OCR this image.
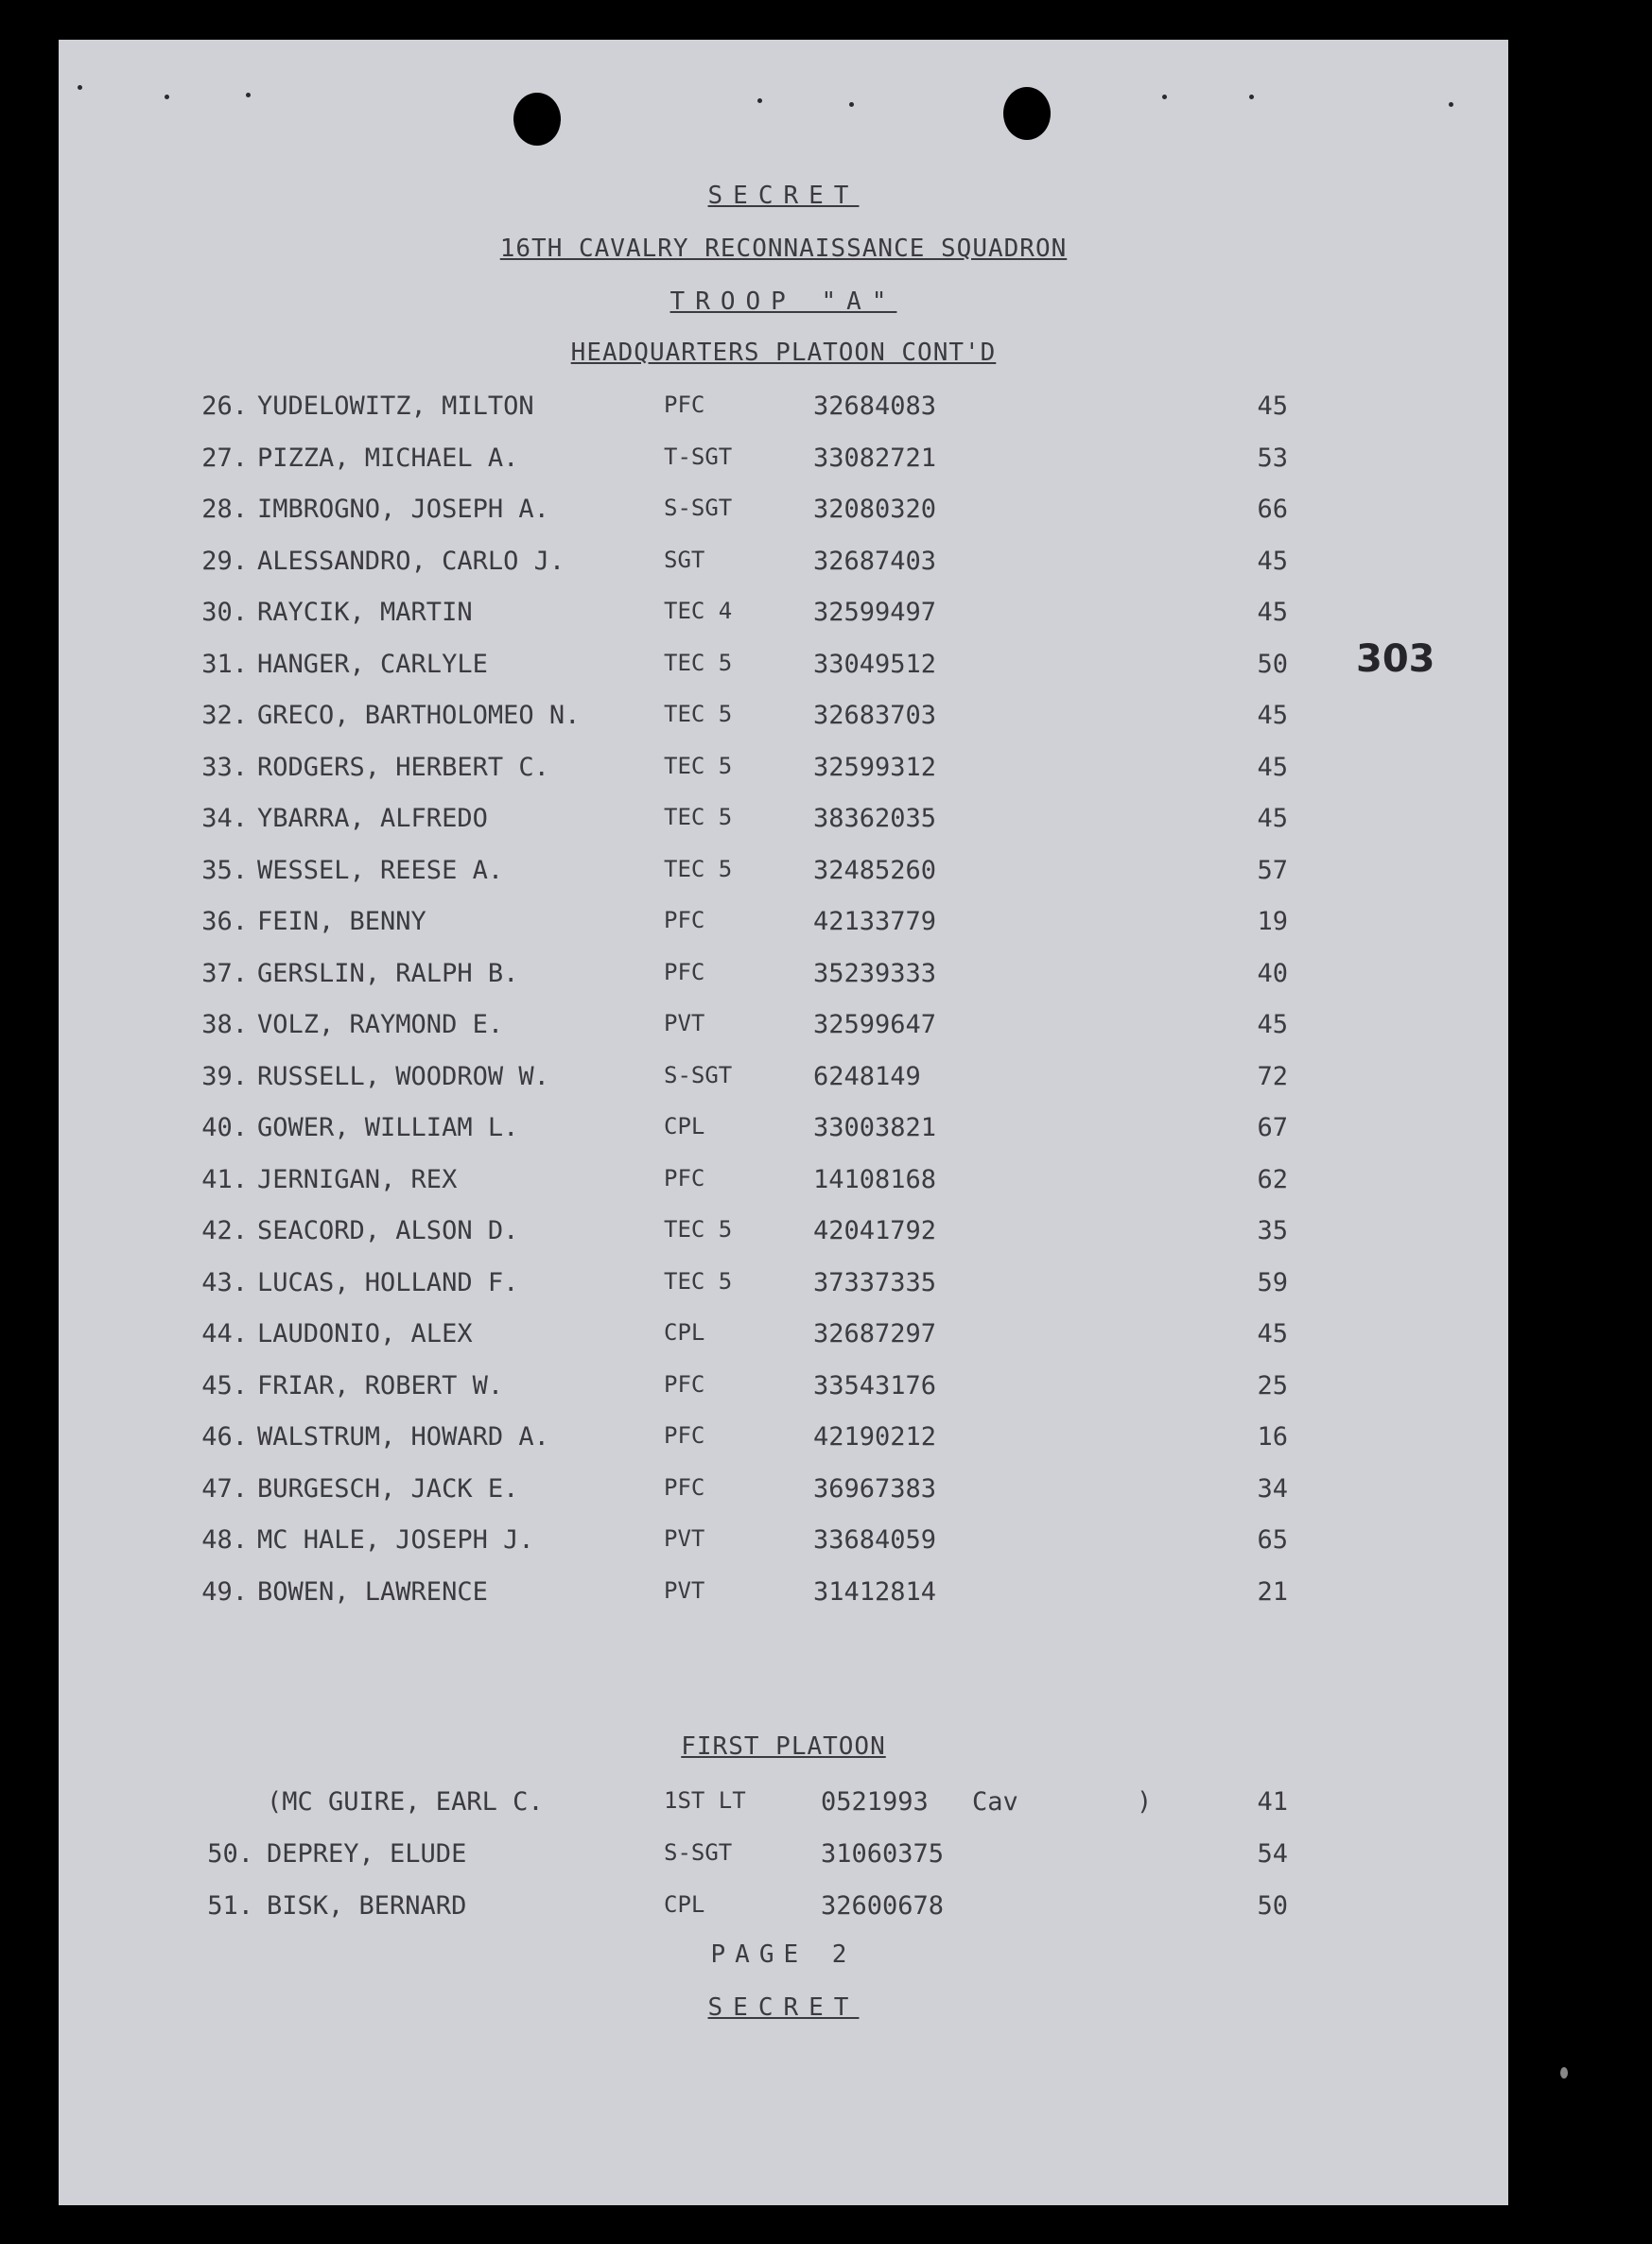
SECRET
16TH CAVALRY RECONNAISSANCE SQUADRON
TROOP "A"
HEADQUARTERS PLATOON CONT'D
303
26. YUDELOWITZ, MILTON	PFC	32684083	45
27. PIZZA, MICHAEL A.	T-SGT	33082721	53
28. IMBROGNO, JOSEPH A.	S-SGT	32080320	66
29. ALESSANDRO, CARLO J.	SGT	32687403	45
30. RAYCIK, MARTIN	TEC 4	32599497	45
31. HANGER, CARLYLE	TEC 5	33049512	50
32. GRECO, BARTHOLOMEO N.	TEC 5	32683703	45
33. RODGERS, HERBERT C.	TEC 5	32599312	45
34. YBARRA, ALFREDO	TEC 5	38362035	45
35. WESSEL, REESE A.	TEC 5	32485260	57
36. FEIN, BENNY	PFC	42133779	19
37. GERSLIN, RALPH B.	PFC	35239333	40
38. VOLZ, RAYMOND E.	PVT	32599647	45
39. RUSSELL, WOODROW W.	S-SGT	6248149	72
40. GOWER, WILLIAM L.	CPL	33003821	67
41. JERNIGAN, REX	PFC	14108168	62
42. SEACORD, ALSON D.	TEC 5	42041792	35
43. LUCAS, HOLLAND F.	TEC 5	37337335	59
44. LAUDONIO, ALEX	CPL	32687297	45
45. FRIAR, ROBERT W.	PFC	33543176	25
46. WALSTRUM, HOWARD A.	PFC	42190212	16
47. BURGESCH, JACK E.	PFC	36967383	34
48. MC HALE, JOSEPH J.	PVT	33684059	65
49. BOWEN, LAWRENCE	PVT	31412814	21
FIRST PLATOON
(MC GUIRE, EARL C.	1ST LT	0521993 Cav	)	41
50. DEPREY, ELUDE	S-SGT	31060375	54
51. BISK, BERNARD	CPL	32600678	50
PAGE 2
SECRET
